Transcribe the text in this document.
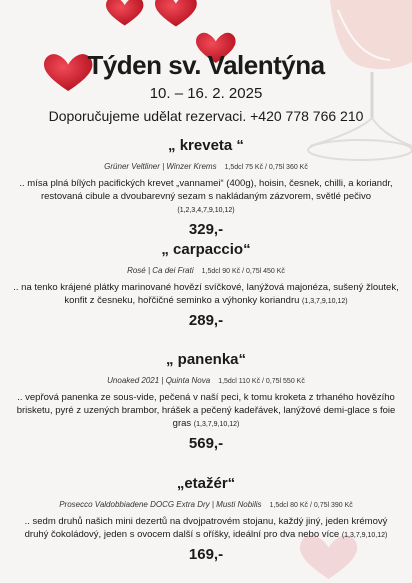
Týden sv. Valentýna
10. – 16. 2. 2025
Doporučujeme udělat rezervaci. +420 778 766 210
„ kreveta “
Grüner Veltliner | Winzer Krems 1,5dcl 75 Kč / 0,75l 360 Kč
.. mísa plná bílých pacifických krevet „vannamei“ (400g), hoisin, česnek, chilli, a koriandr, restovaná cibule a dvoubarevný sezam s nakládaným zázvorem, světlé pečivo (1,2,3,4,7,9,10,12)
329,-
„ carpaccio“
Rosé | Ca dei Frati 1,5dcl 90 Kč / 0,75l 450 Kč
.. na tenko krájené plátky marinované hovězí svíčkové, lanýžová majonéza, sušený žloutek, konfit z česneku, hořčičné seminko a výhonky koriandru (1,3,7,9,10,12)
289,-
„ panenka“
Unoaked 2021 | Quinta Nova 1,5dcl 110 Kč / 0,75l 550 Kč
.. vepřová panenka ze sous-vide, pečená v naší peci, k tomu kroketa z trhaného hovězího brisketu, pyré z uzených brambor, hrášek a pečený kadeřávek, lanýžové demi-glace s foie gras (1,3,7,9,10,12)
569,-
„etažér“
Prosecco Valdobbiadene DOCG Extra Dry | Musti Nobilis 1,5dcl 80 Kč / 0,75l 390 Kč
.. sedm druhů našich mini dezertů na dvojpatrovém stojanu, každý jiný, jeden krémový druhý čokoládový, jeden s ovocem další s oříšky, ideální pro dva nebo více (1,3,7,9,10,12)
169,-
